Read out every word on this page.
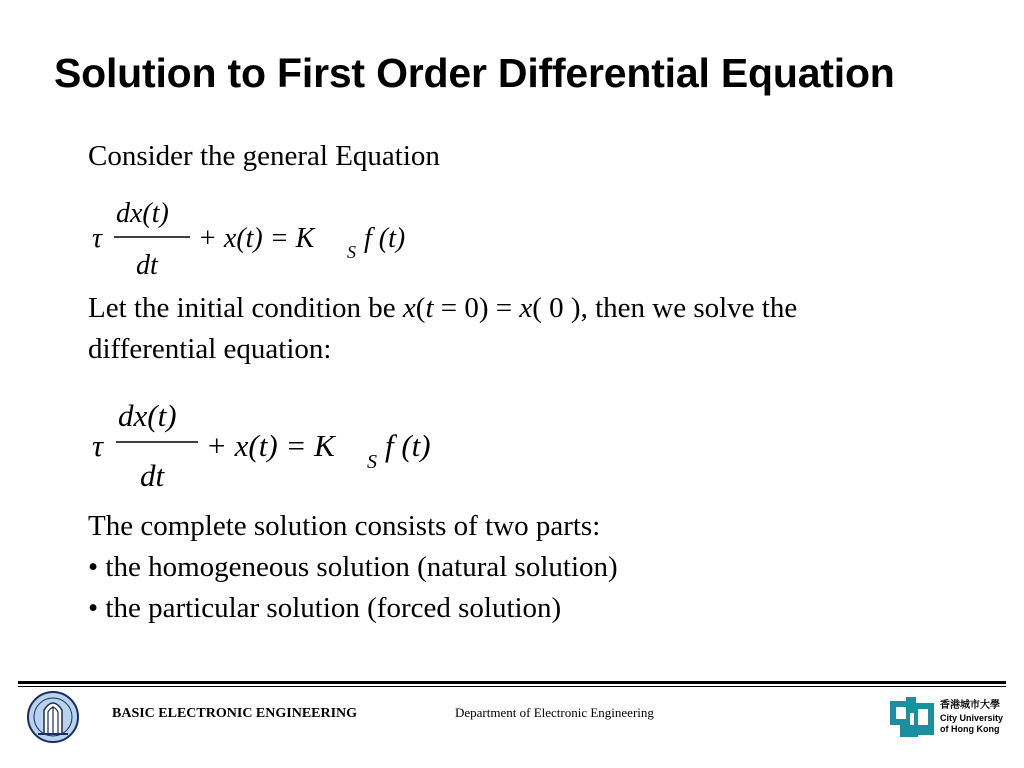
Solution to First Order Differential Equation
Consider the general Equation
τ
dx(t)
dt
+ x(t) = K S f (t)
Let the initial condition be x(t = 0) = x( 0 ), then we solve the
differential equation:
τ
dx(t)
dt
+ x(t) = K S f (t)
The complete solution consists of two parts:
• the homogeneous solution (natural solution)
• the particular solution (forced solution)
BASIC ELECTRONIC ENGINEERING	Department of Electronic Engineering	香港城市大學
City University
of Hong Kong
